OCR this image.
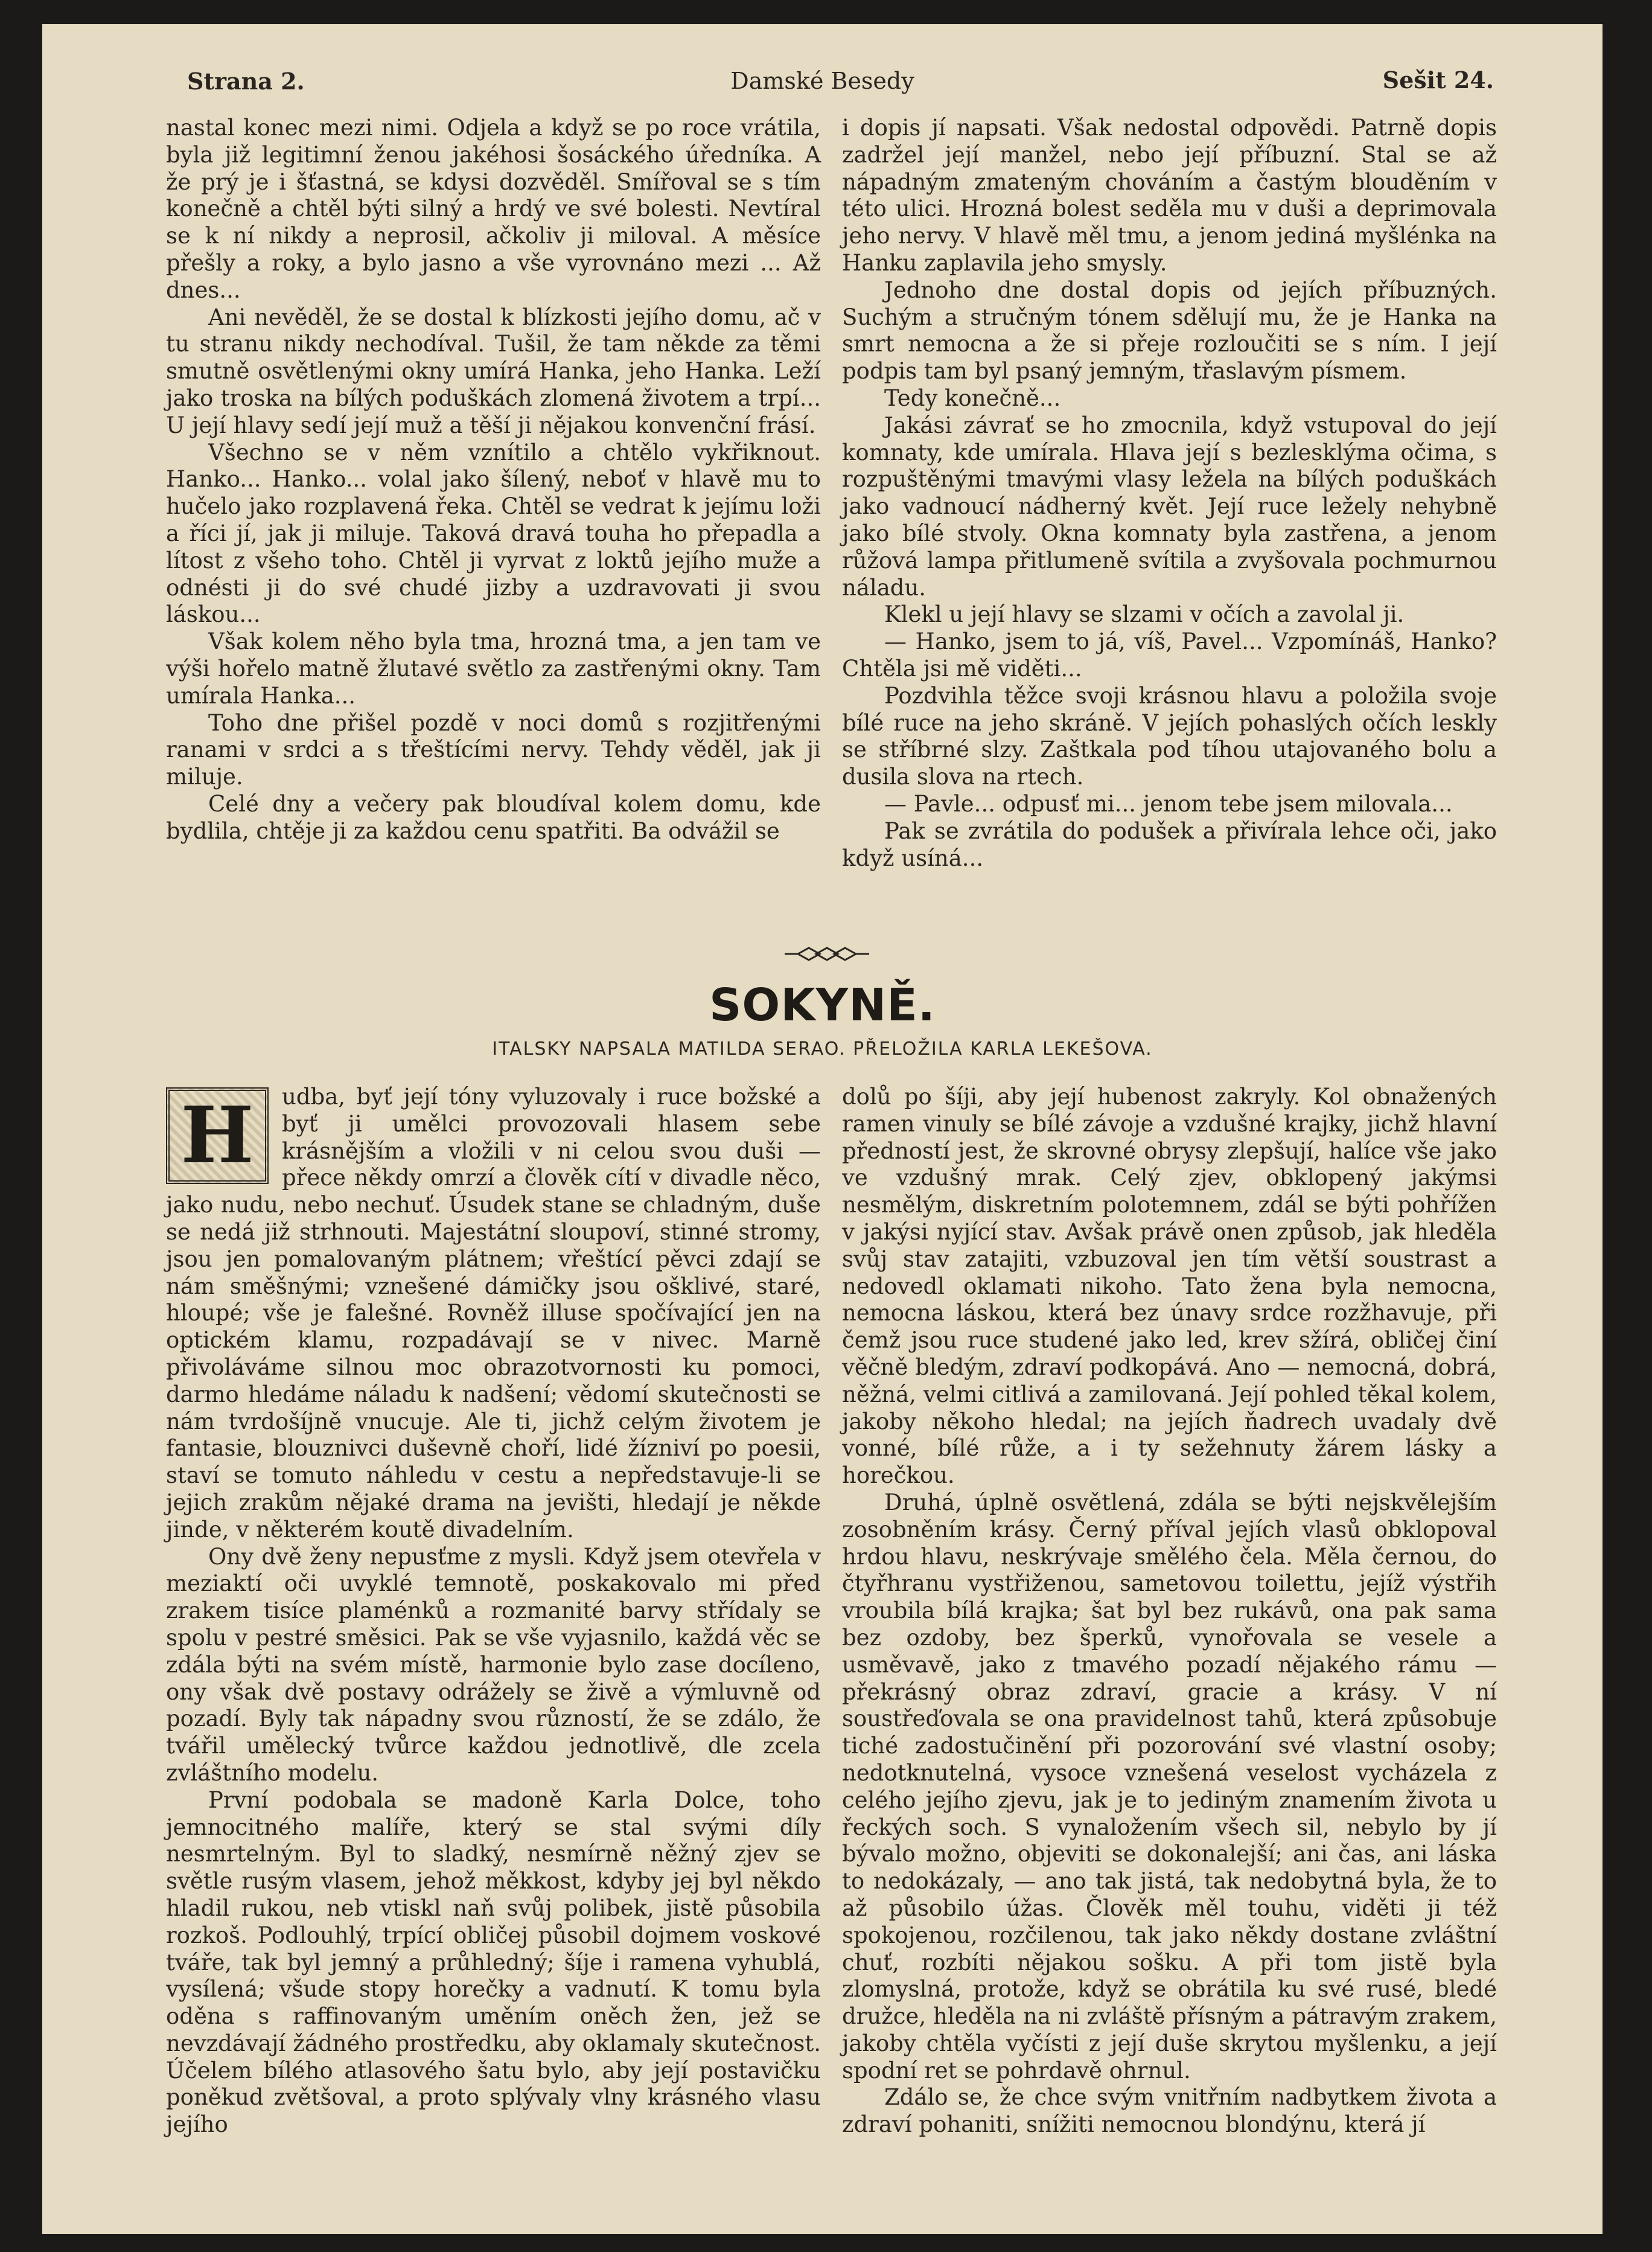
Strana 2.	Damské Besedy	Sešit 24.

nastal konec mezi nimi. Odjela a když se po roce vrátila, byla již legitimní ženou jakéhosi šosáckého úředníka. A že prý je i šťastná, se kdysi dozvěděl. Smířoval se s tím konečně a chtěl býti silný a hrdý ve své bolesti. Nevtíral se k ní nikdy a neprosil, ačkoliv ji miloval. A měsíce přešly a roky, a bylo jasno a vše vyrovnáno mezi ... Až dnes...

Ani nevěděl, že se dostal k blízkosti jejího domu, ač v tu stranu nikdy nechodíval. Tušil, že tam někde za těmi smutně osvětlenými okny umírá Hanka, jeho Hanka. Leží jako troska na bílých poduškách zlomená životem a trpí... U její hlavy sedí její muž a těší ji nějakou konvenční frásí.

Všechno se v něm vznítilo a chtělo vykřiknout. Hanko... Hanko... volal jako šílený, neboť v hlavě mu to hučelo jako rozplavená řeka. Chtěl se vedrat k jejímu loži a říci jí, jak ji miluje. Taková dravá touha ho přepadla a lítost z všeho toho. Chtěl ji vyrvat z loktů jejího muže a odnésti ji do své chudé jizby a uzdravovati ji svou láskou...

Však kolem něho byla tma, hrozná tma, a jen tam ve výši hořelo matně žlutavé světlo za zastřenými okny. Tam umírala Hanka...

Toho dne přišel pozdě v noci domů s rozjitřenými ranami v srdci a s třeštícími nervy. Tehdy věděl, jak ji miluje.

Celé dny a večery pak bloudíval kolem domu, kde bydlila, chtěje ji za každou cenu spatřiti. Ba odvážil se

i dopis jí napsati. Však nedostal odpovědi. Patrně dopis zadržel její manžel, nebo její příbuzní. Stal se až nápadným zmateným chováním a častým blouděním v této ulici. Hrozná bolest seděla mu v duši a deprimovala jeho nervy. V hlavě měl tmu, a jenom jediná myšlénka na Hanku zaplavila jeho smysly.

Jednoho dne dostal dopis od jejích příbuzných. Suchým a stručným tónem sdělují mu, že je Hanka na smrt nemocna a že si přeje rozloučiti se s ním. I její podpis tam byl psaný jemným, třaslavým písmem.

Tedy konečně...

Jakási závrať se ho zmocnila, když vstupoval do její komnaty, kde umírala. Hlava její s bezlesklýma očima, s rozpuštěnými tmavými vlasy ležela na bílých poduškách jako vadnoucí nádherný květ. Její ruce ležely nehybně jako bílé stvoly. Okna komnaty byla zastřena, a jenom růžová lampa přitlumeně svítila a zvyšovala pochmurnou náladu.

Klekl u její hlavy se slzami v očích a zavolal ji.

— Hanko, jsem to já, víš, Pavel... Vzpomínáš, Hanko? Chtěla jsi mě viděti...

Pozdvihla těžce svoji krásnou hlavu a položila svoje bílé ruce na jeho skráně. V jejích pohaslých očích leskly se stříbrné slzy. Zaštkala pod tíhou utajovaného bolu a dusila slova na rtech.

— Pavle... odpusť mi... jenom tebe jsem milovala...

Pak se zvrátila do podušek a přivírala lehce oči, jako když usíná...

SOKYNĚ.
ITALSKY NAPSALA MATILDA SERAO. PŘELOŽILA KARLA LEKEŠOVA.
H	udba, byť její tóny vyluzovaly i ruce božské a byť ji umělci provozovali hlasem sebe krásnějším a vložili v ni celou svou duši — přece někdy omrzí a člověk cítí v divadle něco, jako nudu, nebo nechuť. Úsudek stane se chladným, duše se nedá již strhnouti. Majestátní sloupoví, stinné stromy, jsou jen pomalovaným plátnem; vřeštící pěvci zdají se nám směšnými; vznešené dámičky jsou ošklivé, staré, hloupé; vše je falešné. Rovněž illuse spočívající jen na optickém klamu, rozpadávají se v nivec. Marně přivoláváme silnou moc obrazotvornosti ku pomoci, darmo hledáme náladu k nadšení; vědomí skutečnosti se nám tvrdošíjně vnucuje. Ale ti, jichž celým životem je fantasie, blouznivci duševně choří, lidé žízniví po poesii, staví se tomuto náhledu v cestu a nepředstavuje-li se jejich zrakům nějaké drama na jevišti, hledají je někde jinde, v některém koutě divadelním.

Ony dvě ženy nepusťme z mysli. Když jsem otevřela v meziaktí oči uvyklé temnotě, poskakovalo mi před zrakem tisíce plaménků a rozmanité barvy střídaly se spolu v pestré směsici. Pak se vše vyjasnilo, každá věc se zdála býti na svém místě, harmonie bylo zase docíleno, ony však dvě postavy odrážely se živě a výmluvně od pozadí. Byly tak nápadny svou růzností, že se zdálo, že tvářil umělecký tvůrce každou jednotlivě, dle zcela zvláštního modelu.

První podobala se madoně Karla Dolce, toho jemnocitného malíře, který se stal svými díly nesmrtelným. Byl to sladký, nesmírně něžný zjev se světle rusým vlasem, jehož měkkost, kdyby jej byl někdo hladil rukou, neb vtiskl naň svůj polibek, jistě působila rozkoš. Podlouhlý, trpící obličej působil dojmem voskové tváře, tak byl jemný a průhledný; šíje i ramena vyhublá, vysílená; všude stopy horečky a vadnutí. K tomu byla oděna s raffinovaným uměním oněch žen, jež se nevzdávají žádného prostředku, aby oklamaly skutečnost. Účelem bílého atlasového šatu bylo, aby její postavičku poněkud zvětšoval, a proto splývaly vlny krásného vlasu jejího

dolů po šíji, aby její hubenost zakryly. Kol obnažených ramen vinuly se bílé závoje a vzdušné krajky, jichž hlavní předností jest, že skrovné obrysy zlepšují, halíce vše jako ve vzdušný mrak. Celý zjev, obklopený jakýmsi nesmělým, diskretním polotemnem, zdál se býti pohřížen v jakýsi nyjící stav. Avšak právě onen způsob, jak hleděla svůj stav zatajiti, vzbuzoval jen tím větší soustrast a nedovedl oklamati nikoho. Tato žena byla nemocna, nemocna láskou, která bez únavy srdce rozžhavuje, při čemž jsou ruce studené jako led, krev sžírá, obličej činí věčně bledým, zdraví podkopává. Ano — nemocná, dobrá, něžná, velmi citlivá a zamilovaná. Její pohled těkal kolem, jakoby někoho hledal; na jejích ňadrech uvadaly dvě vonné, bílé růže, a i ty sežehnuty žárem lásky a horečkou.

Druhá, úplně osvětlená, zdála se býti nejskvělejším zosobněním krásy. Černý příval jejích vlasů obklopoval hrdou hlavu, neskrývaje smělého čela. Měla černou, do čtyřhranu vystřiženou, sametovou toilettu, jejíž výstřih vroubila bílá krajka; šat byl bez rukávů, ona pak sama bez ozdoby, bez šperků, vynořovala se vesele a usměvavě, jako z tmavého pozadí nějakého rámu — překrásný obraz zdraví, gracie a krásy. V ní soustřeďovala se ona pravidelnost tahů, která způsobuje tiché zadostučinění při pozorování své vlastní osoby; nedotknutelná, vysoce vznešená veselost vycházela z celého jejího zjevu, jak je to jediným znamením života u řeckých soch. S vynaložením všech sil, nebylo by jí bývalo možno, objeviti se dokonalejší; ani čas, ani láska to nedokázaly, — ano tak jistá, tak nedobytná byla, že to až působilo úžas. Člověk měl touhu, viděti ji též spokojenou, rozčilenou, tak jako někdy dostane zvláštní chuť, rozbíti nějakou sošku. A při tom jistě byla zlomyslná, protože, když se obrátila ku své rusé, bledé družce, hleděla na ni zvláště přísným a pátravým zrakem, jakoby chtěla vyčísti z její duše skrytou myšlenku, a její spodní ret se pohrdavě ohrnul.

Zdálo se, že chce svým vnitřním nadbytkem života a zdraví pohaniti, snížiti nemocnou blondýnu, která jí
